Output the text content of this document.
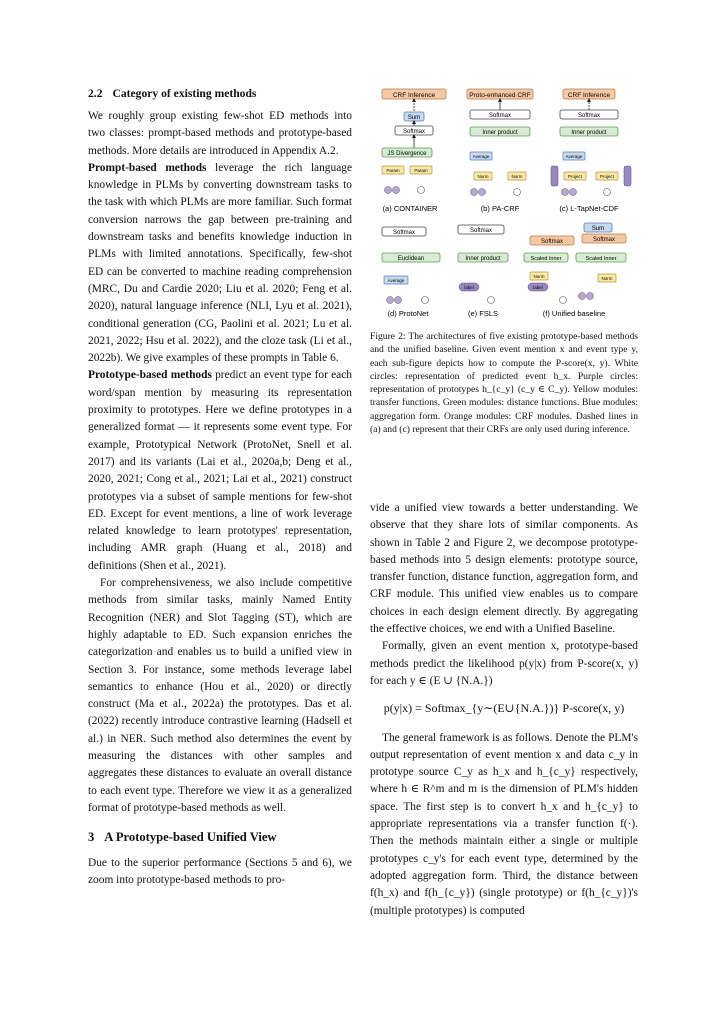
2.2 Category of existing methods

We roughly group existing few-shot ED methods into two classes: prompt-based methods and prototype-based methods. More details are introduced in Appendix A.2.

Prompt-based methods leverage the rich language knowledge in PLMs by converting downstream tasks to the task with which PLMs are more familiar. Such format conversion narrows the gap between pre-training and downstream tasks and benefits knowledge induction in PLMs with limited annotations. Specifically, few-shot ED can be converted to machine reading comprehension (MRC, Du and Cardie 2020; Liu et al. 2020; Feng et al. 2020), natural language inference (NLI, Lyu et al. 2021), conditional generation (CG, Paolini et al. 2021; Lu et al. 2021, 2022; Hsu et al. 2022), and the cloze task (Li et al., 2022b). We give examples of these prompts in Table 6.

Prototype-based methods predict an event type for each word/span mention by measuring its representation proximity to prototypes. Here we define prototypes in a generalized format — it represents some event type. For example, Prototypical Network (ProtoNet, Snell et al. 2017) and its variants (Lai et al., 2020a,b; Deng et al., 2020, 2021; Cong et al., 2021; Lai et al., 2021) construct prototypes via a subset of sample mentions for few-shot ED. Except for event mentions, a line of work leverage related knowledge to learn prototypes' representation, including AMR graph (Huang et al., 2018) and definitions (Shen et al., 2021).

For comprehensiveness, we also include competitive methods from similar tasks, mainly Named Entity Recognition (NER) and Slot Tagging (ST), which are highly adaptable to ED. Such expansion enriches the categorization and enables us to build a unified view in Section 3. For instance, some methods leverage label semantics to enhance (Hou et al., 2020) or directly construct (Ma et al., 2022a) the prototypes. Das et al. (2022) recently introduce contrastive learning (Hadsell et al.) in NER. Such method also determines the event by measuring the distances with other samples and aggregates these distances to evaluate an overall distance to each event type. Therefore we view it as a generalized format of prototype-based methods as well.

3 A Prototype-based Unified View

Due to the superior performance (Sections 5 and 6), we zoom into prototype-based methods to pro-

CRF Inference
Sum
Softmax
JS Divergence
Param	Param
(a) CONTAINER
Proto-enhanced CRF
Softmax
Inner product
Average
Norm	Norm
(b) PA-CRF
CRF Inference
Softmax
Inner product
Average
Project	Project
(c) L-TapNet-CDF
Softmax
Euclidean
Average
(d) ProtoNet
Softmax
Inner product
label
(e) FSLS
Sum
Softmax	Softmax
Scaled Inner	Scaled Inner
Norm	Norm
label
(f) Unified baseline
Figure 2: The architectures of five existing prototype-based methods and the unified baseline. Given event mention x and event type y, each sub-figure depicts how to compute the P-score(x, y). White circles: representation of predicted event h_x. Purple circles: representation of prototypes h_{c_y} (c_y ∈ C_y). Yellow modules: transfer functions. Green modules: distance functions. Blue modules: aggregation form. Orange modules: CRF modules. Dashed lines in (a) and (c) represent that their CRFs are only used during inference.

vide a unified view towards a better understanding. We observe that they share lots of similar components. As shown in Table 2 and Figure 2, we decompose prototype-based methods into 5 design elements: prototype source, transfer function, distance function, aggregation form, and CRF module. This unified view enables us to compare choices in each design element directly. By aggregating the effective choices, we end with a Unified Baseline.

Formally, given an event mention x, prototype-based methods predict the likelihood p(y|x) from P-score(x, y) for each y ∈ (E ∪ {N.A.})

p(y|x) = Softmax_{y∼(E∪{N.A.})} P-score(x, y)

The general framework is as follows. Denote the PLM's output representation of event mention x and data c_y in prototype source C_y as h_x and h_{c_y} respectively, where h ∈ R^m and m is the dimension of PLM's hidden space. The first step is to convert h_x and h_{c_y} to appropriate representations via a transfer function f(·). Then the methods maintain either a single or multiple prototypes c_y's for each event type, determined by the adopted aggregation form. Third, the distance between f(h_x) and f(h_{c_y}) (single prototype) or f(h_{c_y})'s (multiple prototypes) is computed
